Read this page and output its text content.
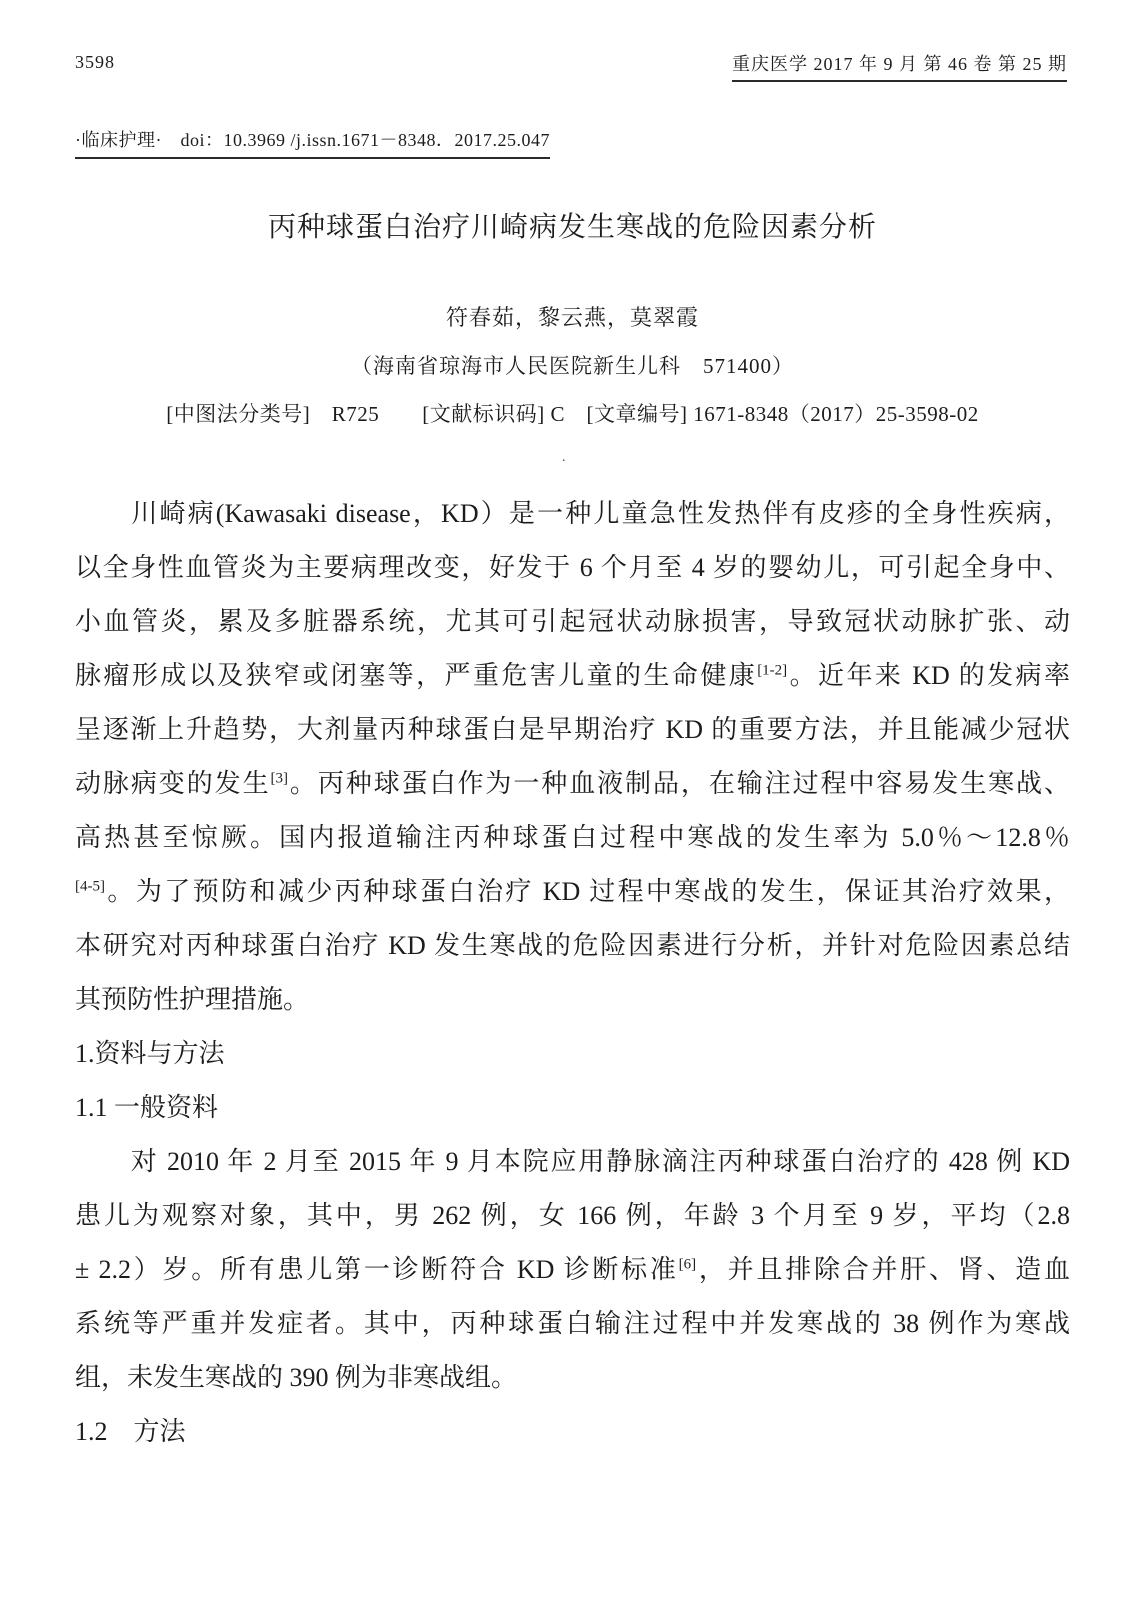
3598	重庆医学 2017 年 9 月 第 46 卷 第 25 期
·临床护理·　doi：10.3969 /j.issn.1671－8348．2017.25.047
丙种球蛋白治疗川崎病发生寒战的危险因素分析
符春茹，黎云燕，莫翠霞
（海南省琼海市人民医院新生儿科　571400）
[中图法分类号]　R725　　[文献标识码] C　[文章编号] 1671-8348（2017）25-3598-02
.
　　川崎病(Kawasaki disease，KD）是一种儿童急性发热伴有皮疹的全身性疾病，
以全身性血管炎为主要病理改变，好发于 6 个月至 4 岁的婴幼儿，可引起全身中、
小血管炎，累及多脏器系统，尤其可引起冠状动脉损害，导致冠状动脉扩张、动
脉瘤形成以及狭窄或闭塞等，严重危害儿童的生命健康[1-2]。近年来 KD 的发病率
呈逐渐上升趋势，大剂量丙种球蛋白是早期治疗 KD 的重要方法，并且能减少冠状
动脉病变的发生[3]。丙种球蛋白作为一种血液制品，在输注过程中容易发生寒战、
高热甚至惊厥。国内报道输注丙种球蛋白过程中寒战的发生率为 5.0％～12.8％
[4-5]。为了预防和减少丙种球蛋白治疗 KD 过程中寒战的发生，保证其治疗效果，
本研究对丙种球蛋白治疗 KD 发生寒战的危险因素进行分析，并针对危险因素总结
其预防性护理措施。
1.资料与方法
1.1 一般资料
　　对 2010 年 2 月至 2015 年 9 月本院应用静脉滴注丙种球蛋白治疗的 428 例 KD
患儿为观察对象，其中，男 262 例，女 166 例，年龄 3 个月至 9 岁，平均（2.8
± 2.2）岁。所有患儿第一诊断符合 KD 诊断标准[6]，并且排除合并肝、肾、造血
系统等严重并发症者。其中，丙种球蛋白输注过程中并发寒战的 38 例作为寒战
组，未发生寒战的 390 例为非寒战组。
1.2　方法
